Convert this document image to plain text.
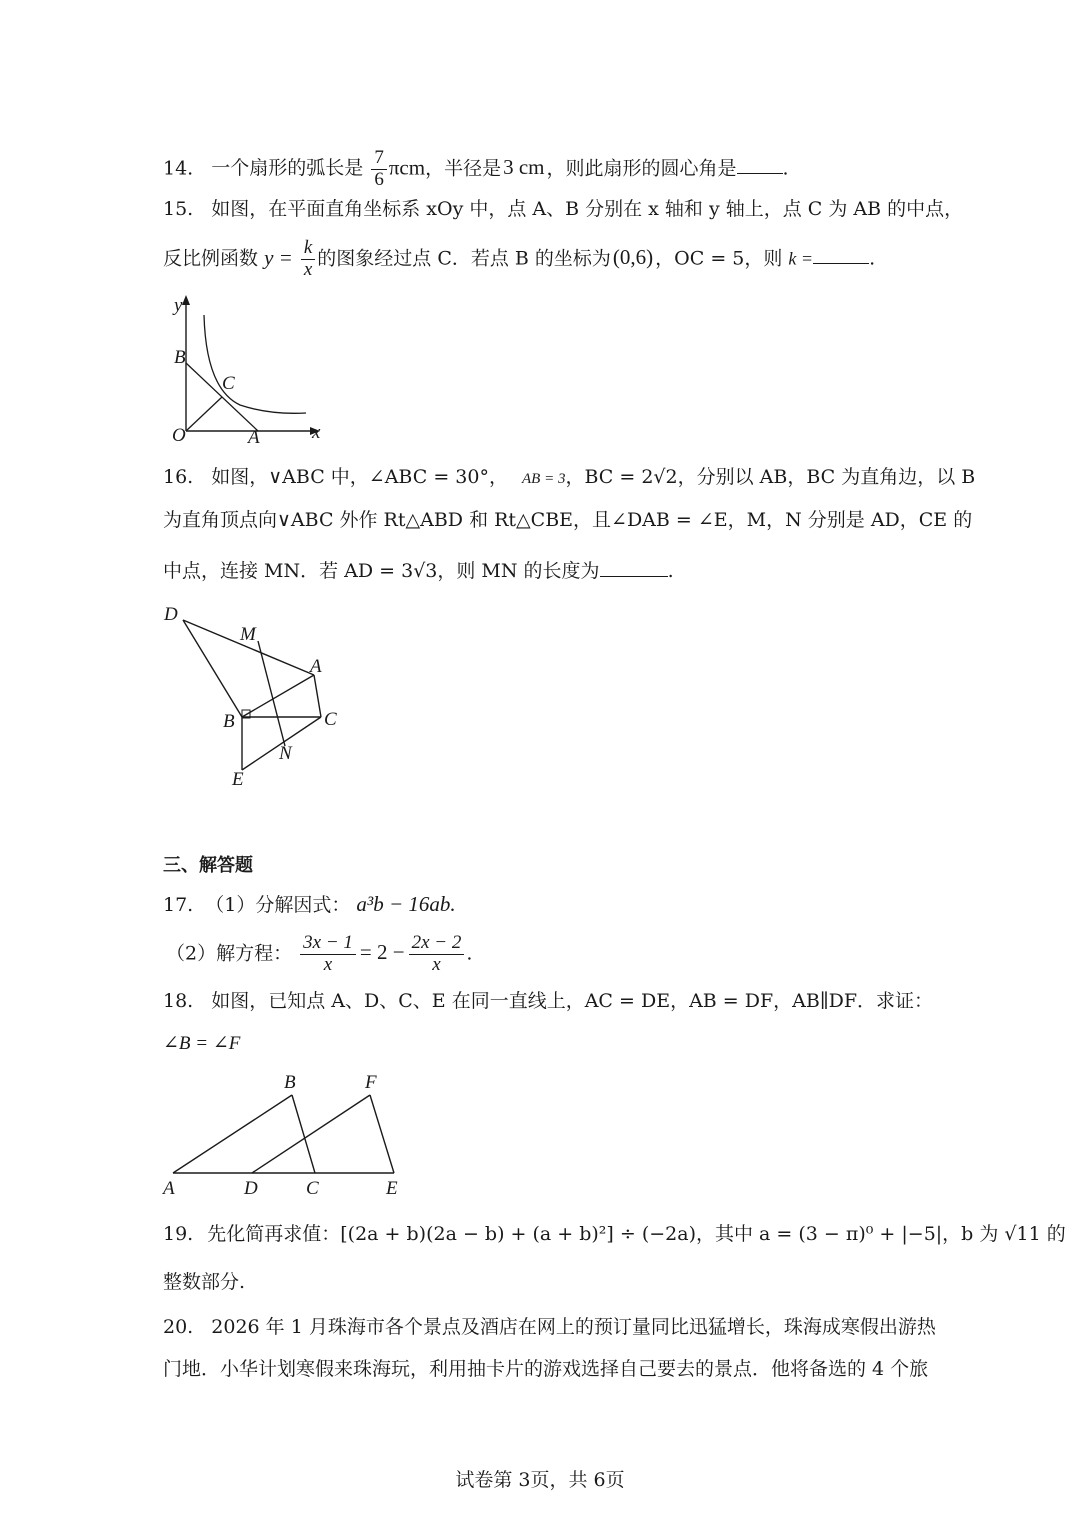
14. 一个扇形的弧长是 $\frac{7}{6}$ πcm，半径是3 cm ，则此扇形的圆心角是 .
15. 如图，在平面直角坐标系 xOy 中，点 A、B 分别在 x 轴和 y 轴上，点 C 为 AB 的中点，
反比例函数 $y = \frac{k}{x}$ 的图象经过点 C．若点 B 的坐标为(0,6) ，OC = 5，则 k =	.
y
B
C
O	A	x
16. 如图，∨ABC 中，∠ABC = 30°， AB = 3，BC = 2√2，分别以 AB，BC 为直角边，以 B
为直角顶点向∨ABC 外作 Rt△ABD 和 Rt△CBE，且∠DAB = ∠E，M，N 分别是 AD，CE 的
中点，连接 MN．若 AD = 3√3，则 MN 的长度为	.
D
M
A
B	C
N
E
三、解答题
17. （1）分解因式： a³b − 16ab.
（2）解方程： $\frac{3x - 1}{x} = 2 - \frac{2x - 2}{x}$ .
18. 如图，已知点 A、D、C、E 在同一直线上，AC = DE，AB = DF，AB∥DF．求证：
∠B = ∠F
A	D	C	E
B	F
19. 先化简再求值：[(2a + b)(2a − b) + (a + b)²] ÷ (−2a)，其中 a = (3 − π)⁰ + |−5|，b 为 √11 的
整数部分.
20. 2026 年 1 月珠海市各个景点及酒店在网上的预订量同比迅猛增长，珠海成寒假出游热
门地．小华计划寒假来珠海玩，利用抽卡片的游戏选择自己要去的景点．他将备选的 4 个旅
试卷第 3页，共 6页
